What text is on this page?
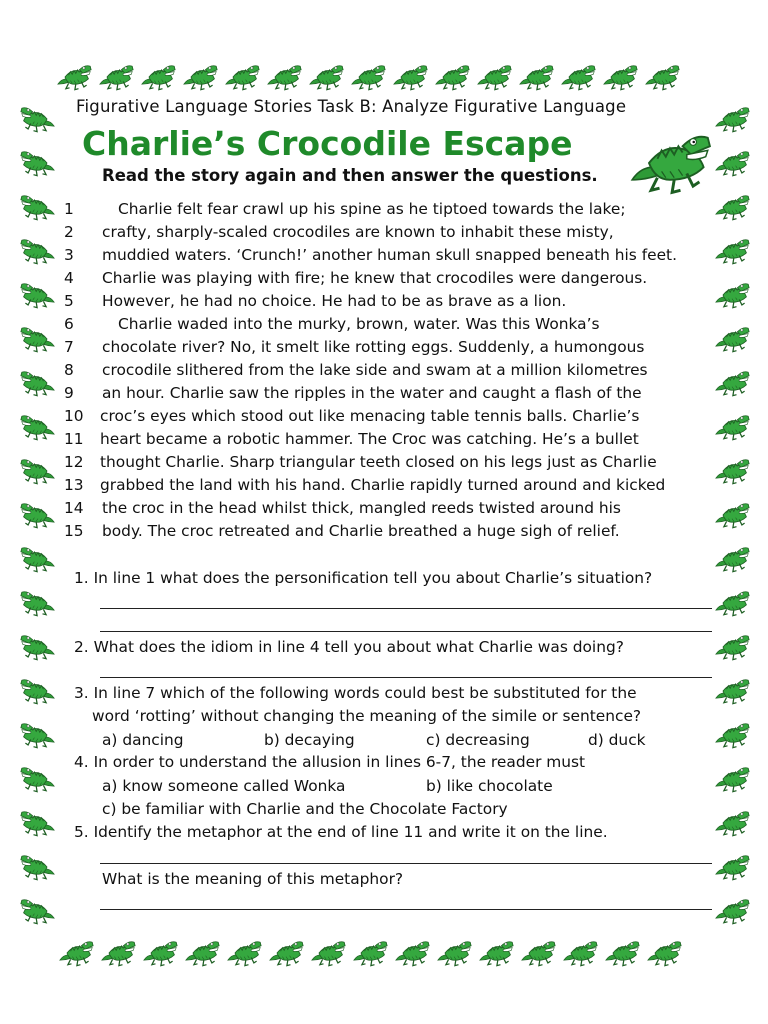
Figurative Language Stories Task B: Analyze Figurative Language
Charlie’s Crocodile Escape
Read the story again and then answer the questions.
1	Charlie felt fear crawl up his spine as he tiptoed towards the lake;
2 crafty, sharply-scaled crocodiles are known to inhabit these misty,
3 muddied waters. ‘Crunch!’ another human skull snapped beneath his feet.
4 Charlie was playing with fire; he knew that crocodiles were dangerous.
5 However, he had no choice. He had to be as brave as a lion.
6	Charlie waded into the murky, brown, water. Was this Wonka’s
7 chocolate river? No, it smelt like rotting eggs. Suddenly, a humongous
8 crocodile slithered from the lake side and swam at a million kilometres
9 an hour. Charlie saw the ripples in the water and caught a flash of the
10 croc’s eyes which stood out like menacing table tennis balls. Charlie’s
11 heart became a robotic hammer. The Croc was catching. He’s a bullet
12 thought Charlie. Sharp triangular teeth closed on his legs just as Charlie
13 grabbed the land with his hand. Charlie rapidly turned around and kicked
14 the croc in the head whilst thick, mangled reeds twisted around his
15 body. The croc retreated and Charlie breathed a huge sigh of relief.
1. In line 1 what does the personification tell you about Charlie’s situation?
2. What does the idiom in line 4 tell you about what Charlie was doing?
3. In line 7 which of the following words could best be substituted for the
word ‘rotting’ without changing the meaning of the simile or sentence?
a) dancing	b) decaying	c) decreasing	d) duck
4. In order to understand the allusion in lines 6-7, the reader must
a) know someone called Wonka	b) like chocolate
c) be familiar with Charlie and the Chocolate Factory
5. Identify the metaphor at the end of line 11 and write it on the line.
What is the meaning of this metaphor?
